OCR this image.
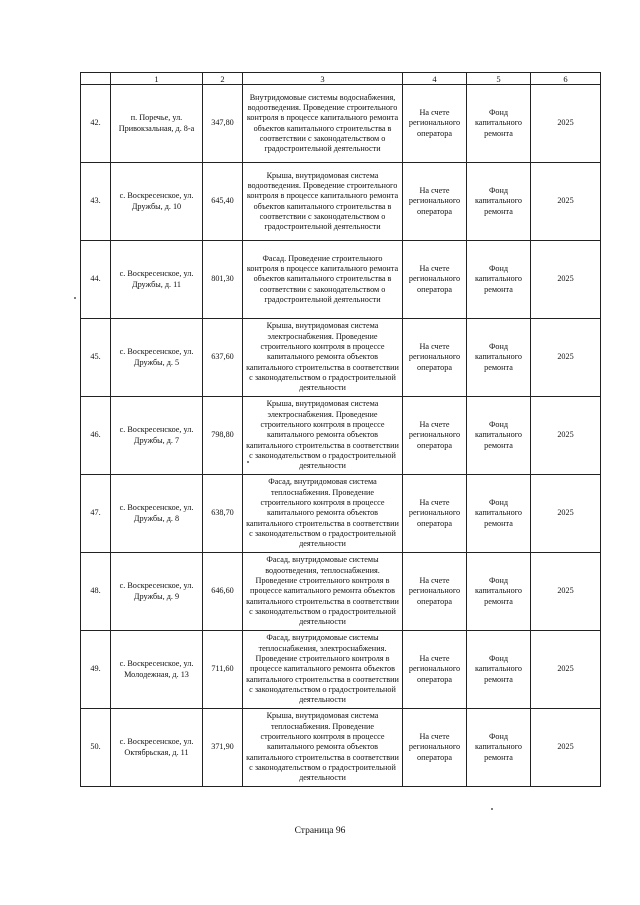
	1	2	3	4	5	6
42.	п. Поречье, ул. Привокзальная, д. 8-а	347,80	Внутридомовые системы водоснабжения, водоотведения. Проведение строительного контроля в процессе капитального ремонта объектов капитального строительства в соответствии с законодательством о градостроительной деятельности	На счете регионального оператора	Фонд капитального ремонта	2025
43.	с. Воскресенское, ул. Дружбы, д. 10	645,40	Крыша, внутридомовая система водоотведения. Проведение строительного контроля в процессе капитального ремонта объектов капитального строительства в соответствии с законодательством о градостроительной деятельности	На счете регионального оператора	Фонд капитального ремонта	2025
44.	с. Воскресенское, ул. Дружбы, д. 11	801,30	Фасад. Проведение строительного контроля в процессе капитального ремонта объектов капитального строительства в соответствии с законодательством о градостроительной деятельности	На счете регионального оператора	Фонд капитального ремонта	2025
45.	с. Воскресенское, ул. Дружбы, д. 5	637,60	Крыша, внутридомовая система электроснабжения. Проведение строительного контроля в процессе капитального ремонта объектов капитального строительства в соответствии с законодательством о градостроительной деятельности	На счете регионального оператора	Фонд капитального ремонта	2025
46.	с. Воскресенское, ул. Дружбы, д. 7	798,80	Крыша, внутридомовая система электроснабжения. Проведение строительного контроля в процессе капитального ремонта объектов капитального строительства в соответствии с законодательством о градостроительной деятельности	На счете регионального оператора	Фонд капитального ремонта	2025
47.	с. Воскресенское, ул. Дружбы, д. 8	638,70	Фасад, внутридомовая система теплоснабжения. Проведение строительного контроля в процессе капитального ремонта объектов капитального строительства в соответствии с законодательством о градостроительной деятельности	На счете регионального оператора	Фонд капитального ремонта	2025
48.	с. Воскресенское, ул. Дружбы, д. 9	646,60	Фасад, внутридомовые системы водоотведения, теплоснабжения. Проведение строительного контроля в процессе капитального ремонта объектов капитального строительства в соответствии с законодательством о градостроительной деятельности	На счете регионального оператора	Фонд капитального ремонта	2025
49.	с. Воскресенское, ул. Молодежная, д. 13	711,60	Фасад, внутридомовые системы теплоснабжения, электроснабжения. Проведение строительного контроля в процессе капитального ремонта объектов капитального строительства в соответствии с законодательством о градостроительной деятельности	На счете регионального оператора	Фонд капитального ремонта	2025
50.	с. Воскресенское, ул. Октябрьская, д. 11	371,90	Крыша, внутридомовая система теплоснабжения. Проведение строительного контроля в процессе капитального ремонта объектов капитального строительства в соответствии с законодательством о градостроительной деятельности	На счете регионального оператора	Фонд капитального ремонта	2025
Страница 96
